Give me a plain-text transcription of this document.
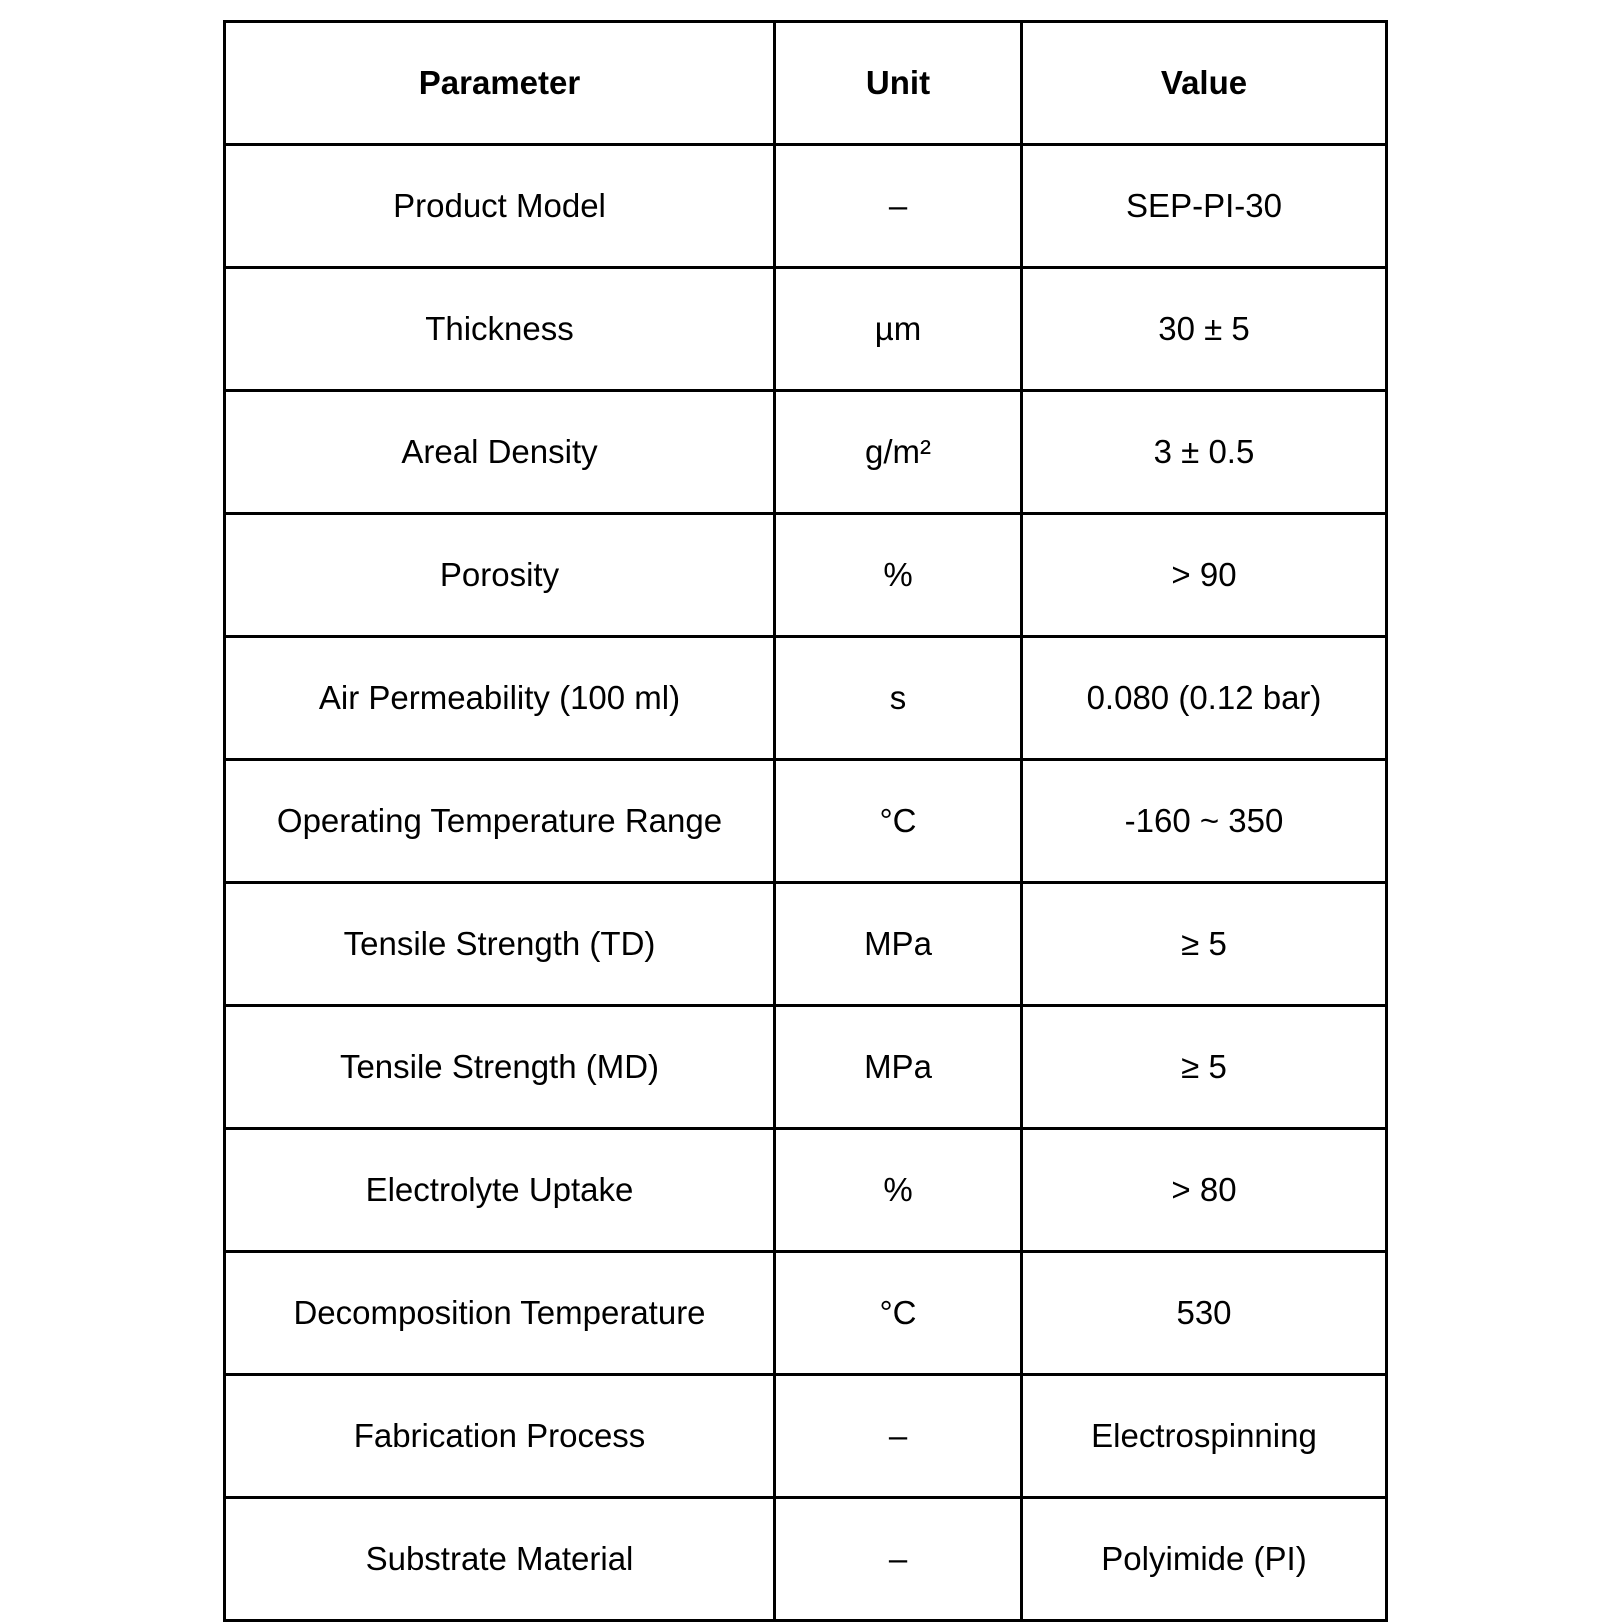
Parameter	Unit	Value
Product Model	–	SEP-PI-30
Thickness	µm	30 ± 5
Areal Density	g/m²	3 ± 0.5
Porosity	%	> 90
Air Permeability (100 ml)	s	0.080 (0.12 bar)
Operating Temperature Range	°C	-160 ~ 350
Tensile Strength (TD)	MPa	≥ 5
Tensile Strength (MD)	MPa	≥ 5
Electrolyte Uptake	%	> 80
Decomposition Temperature	°C	530
Fabrication Process	–	Electrospinning
Substrate Material	–	Polyimide (PI)
